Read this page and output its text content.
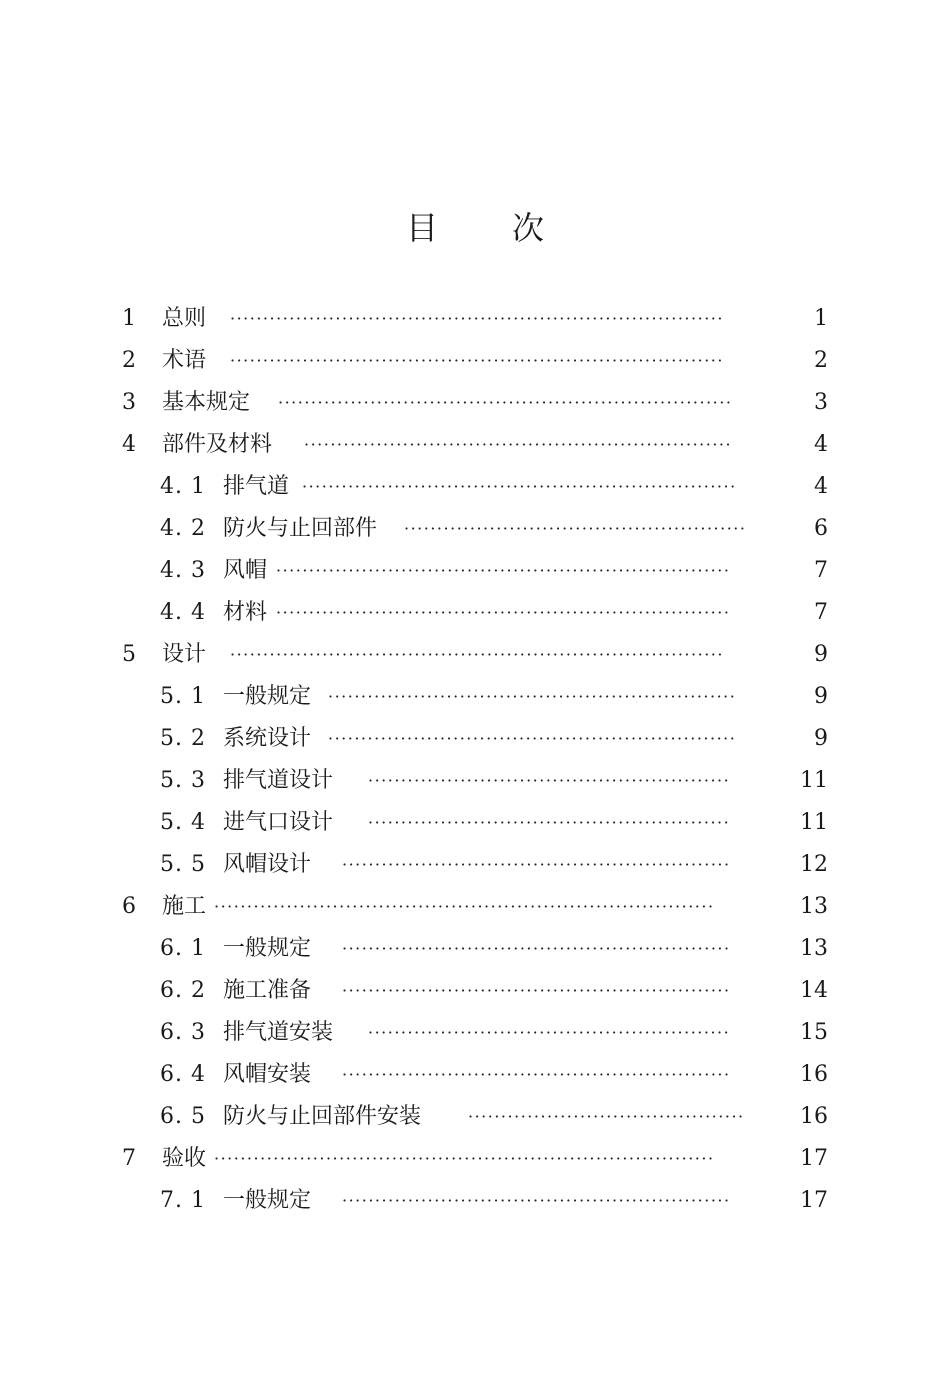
目 次
1 总则 ···········································································	1
2 术语 ···········································································	2
3 基本规定 ·····································································	3
4 部件及材料 ·································································	4
4. 1 排气道 ··································································	4
4. 2 防火与止回部件 ····················································	6
4. 3 风帽 ·····································································	7
4. 4 材料 ·····································································	7
5 设计 ···········································································	9
5. 1 一般规定 ······························································	9
5. 2 系统设计 ······························································	9
5. 3 排气道设计 ·······················································	11
5. 4 进气口设计 ·······················································	11
5. 5 风帽设计 ···························································	12
6 施工 ············································································	13
6. 1 一般规定 ···························································	13
6. 2 施工准备 ···························································	14
6. 3 排气道安装 ·······················································	15
6. 4 风帽安装 ···························································	16
6. 5 防火与止回部件安装	··········································	16
7 验收 ············································································	17
7. 1 一般规定 ···························································	17
